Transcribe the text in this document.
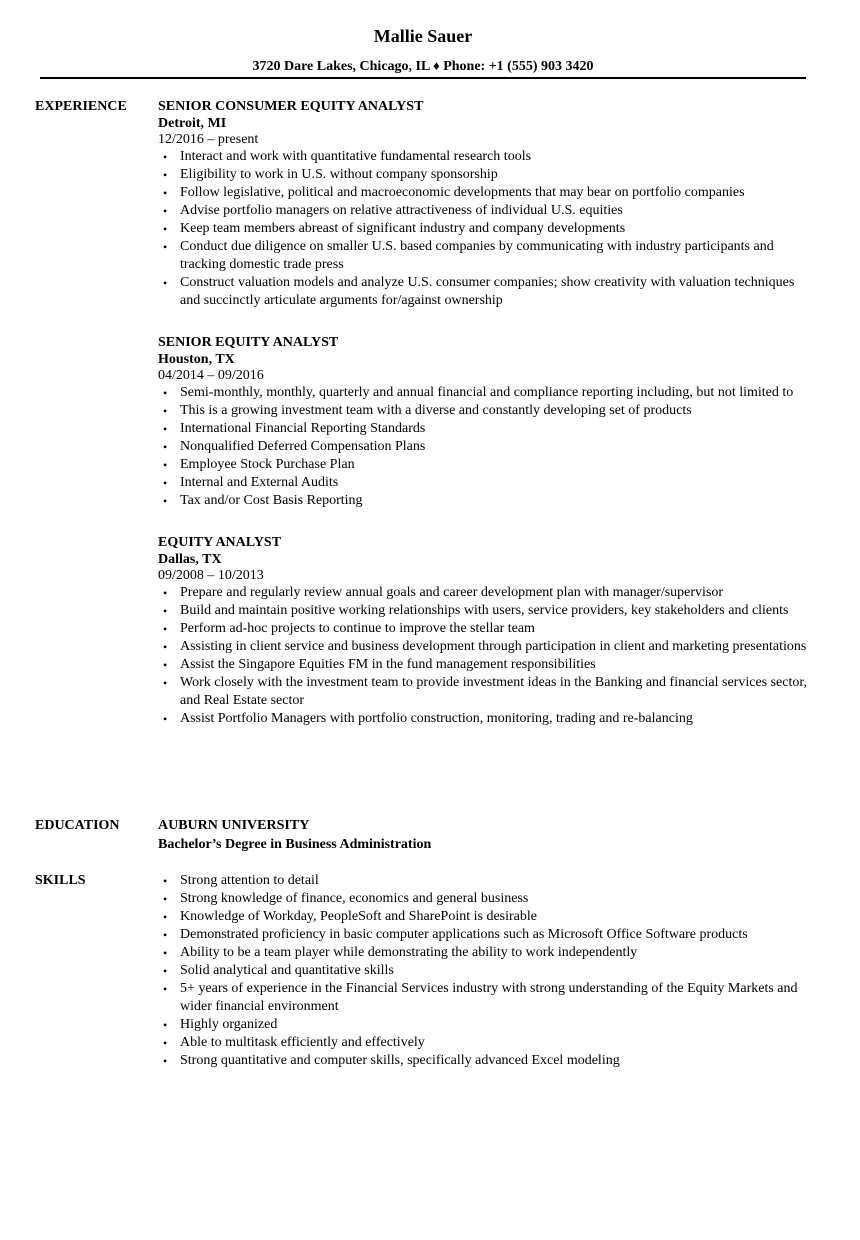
Mallie Sauer
3720 Dare Lakes, Chicago, IL ♦ Phone: +1 (555) 903 3420
EXPERIENCE SENIOR CONSUMER EQUITY ANALYST
Detroit, MI
12/2016 – present
• Interact and work with quantitative fundamental research tools
• Eligibility to work in U.S. without company sponsorship
• Follow legislative, political and macroeconomic developments that may bear on portfolio companies
• Advise portfolio managers on relative attractiveness of individual U.S. equities
• Keep team members abreast of significant industry and company developments
• Conduct due diligence on smaller U.S. based companies by communicating with industry participants and tracking domestic trade press
• Construct valuation models and analyze U.S. consumer companies; show creativity with valuation techniques and succinctly articulate arguments for/against ownership
SENIOR EQUITY ANALYST
Houston, TX
04/2014 – 09/2016
• Semi-monthly, monthly, quarterly and annual financial and compliance reporting including, but not limited to
• This is a growing investment team with a diverse and constantly developing set of products
• International Financial Reporting Standards
• Nonqualified Deferred Compensation Plans
• Employee Stock Purchase Plan
• Internal and External Audits
• Tax and/or Cost Basis Reporting
EQUITY ANALYST
Dallas, TX
09/2008 – 10/2013
• Prepare and regularly review annual goals and career development plan with manager/supervisor
• Build and maintain positive working relationships with users, service providers, key stakeholders and clients
• Perform ad-hoc projects to continue to improve the stellar team
• Assisting in client service and business development through participation in client and marketing presentations
• Assist the Singapore Equities FM in the fund management responsibilities
• Work closely with the investment team to provide investment ideas in the Banking and financial services sector, and Real Estate sector
• Assist Portfolio Managers with portfolio construction, monitoring, trading and re-balancing
EDUCATION	AUBURN UNIVERSITY
Bachelor’s Degree in Business Administration
SKILLS
•	Strong attention to detail
• Strong knowledge of finance, economics and general business
• Knowledge of Workday, PeopleSoft and SharePoint is desirable
• Demonstrated proficiency in basic computer applications such as Microsoft Office Software products
• Ability to be a team player while demonstrating the ability to work independently
• Solid analytical and quantitative skills
• 5+ years of experience in the Financial Services industry with strong understanding of the Equity Markets and wider financial environment
• Highly organized
• Able to multitask efficiently and effectively
• Strong quantitative and computer skills, specifically advanced Excel modeling
